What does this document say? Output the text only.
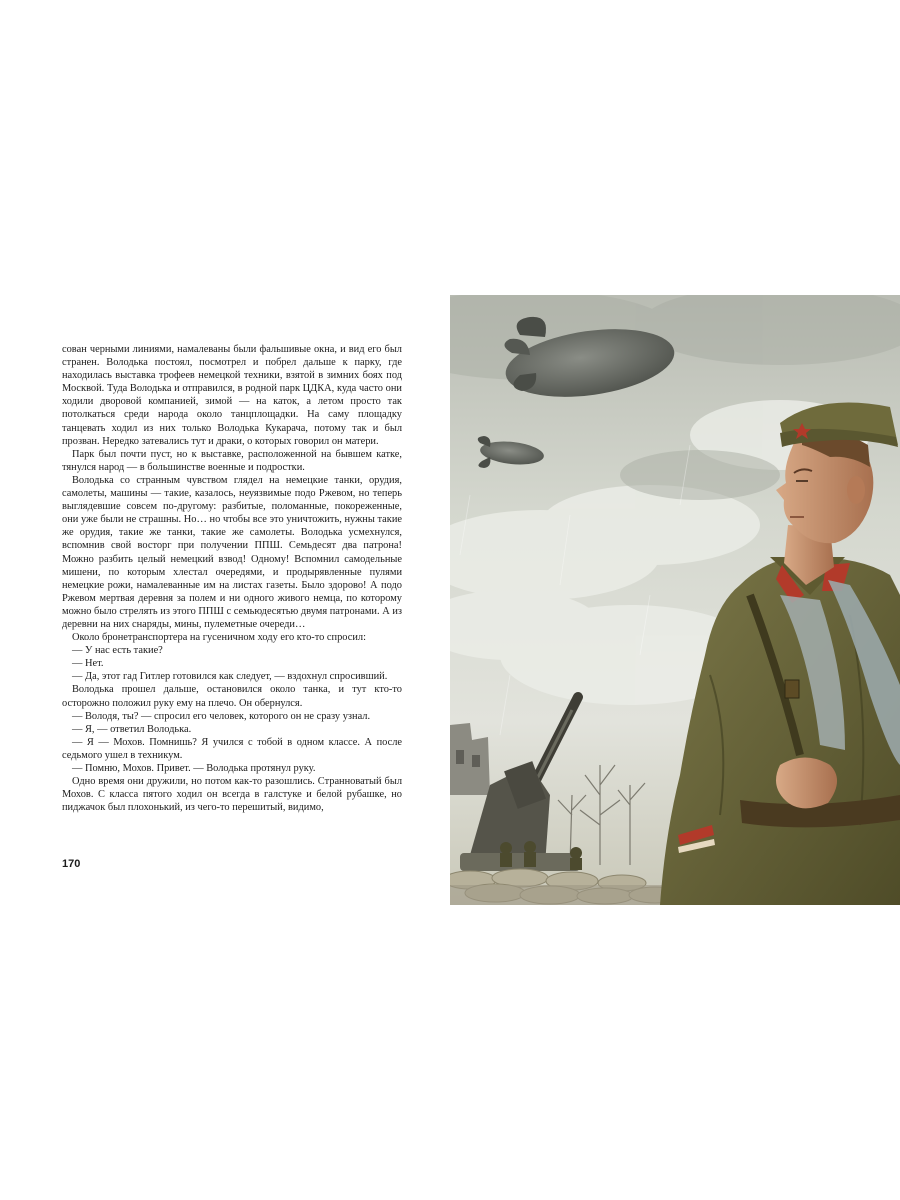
сован черными линиями, намалеваны были фальшивые окна, и вид его был странен. Володька постоял, посмотрел и побрел дальше к парку, где находилась выставка трофеев немецкой техники, взятой в зимних боях под Москвой. Туда Володька и отправился, в родной парк ЦДКА, куда часто они ходили дворовой компанией, зимой — на каток, а летом просто так потолкаться среди народа около танцплощадки. На саму площадку танцевать ходил из них только Володька Кукарача, потому так и был прозван. Нередко затевались тут и драки, о которых говорил он матери.

Парк был почти пуст, но к выставке, расположенной на бывшем катке, тянулся народ — в большинстве военные и подростки.

Володька со странным чувством глядел на немецкие танки, орудия, самолеты, машины — такие, казалось, неуязвимые подо Ржевом, но теперь выглядевшие совсем по-другому: разбитые, поломанные, покореженные, они уже были не страшны. Но… но чтобы все это уничтожить, нужны такие же орудия, такие же танки, такие же самолеты. Володька усмехнулся, вспомнив свой восторг при получении ППШ. Семьдесят два патрона! Можно разбить целый немецкий взвод! Одному! Вспомнил самодельные мишени, по которым хлестал очередями, и продырявленные пулями немецкие рожи, намалеванные им на листах газеты. Было здорово! А подо Ржевом мертвая деревня за полем и ни одного живого немца, по которому можно было стрелять из этого ППШ с семьюдесятью двумя патронами. А из деревни на них снаряды, мины, пулеметные очереди…

Около бронетранспортера на гусеничном ходу его кто-то спросил:

— У нас есть такие?

— Нет.

— Да, этот гад Гитлер готовился как следует, — вздохнул спросивший.

Володька прошел дальше, остановился около танка, и тут кто-то осторожно положил руку ему на плечо. Он обернулся.

— Володя, ты? — спросил его человек, которого он не сразу узнал.

— Я, — ответил Володька.

— Я — Мохов. Помнишь? Я учился с тобой в одном классе. А после седьмого ушел в техникум.

— Помню, Мохов. Привет. — Володька протянул руку.

Одно время они дружили, но потом как-то разошлись. Странноватый был Мохов. С класса пятого ходил он всегда в галстуке и белой рубашке, но пиджачок был плохонький, из чего-то перешитый, видимо,

170
